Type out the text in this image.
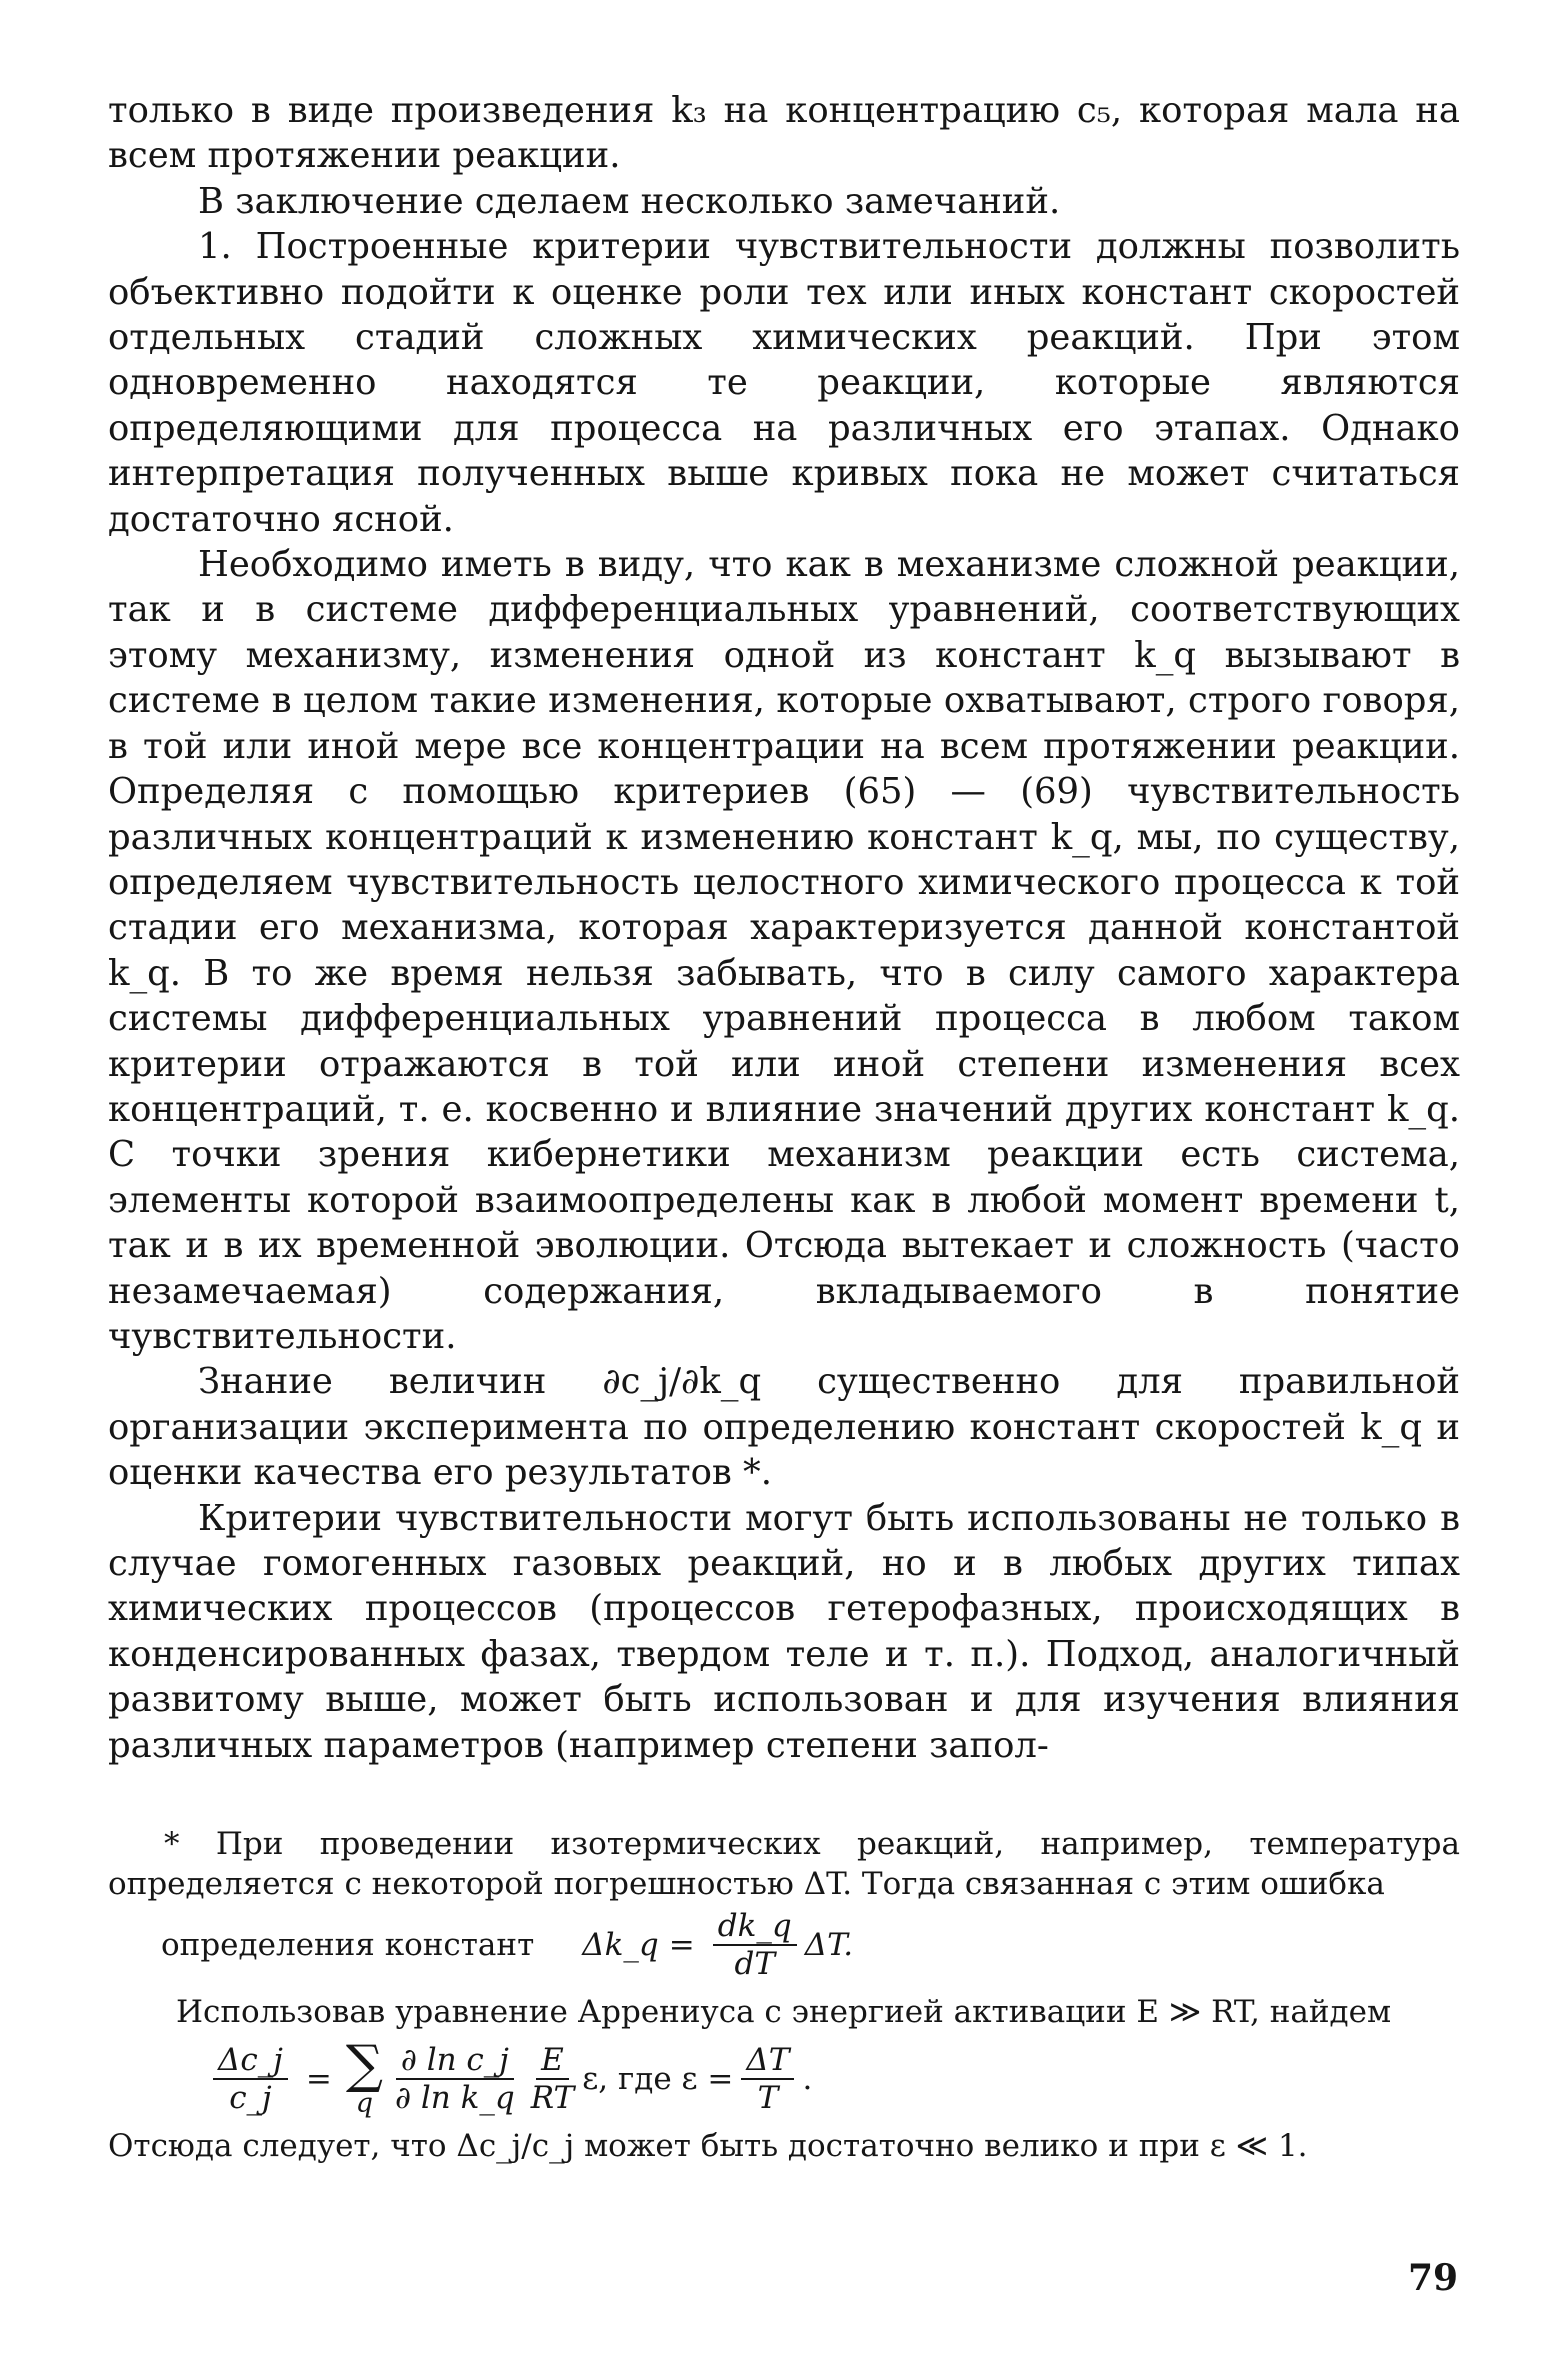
только в виде произведения k₃ на концентрацию c₅, которая мала на всем протяжении реакции.

В заключение сделаем несколько замечаний.

1. Построенные критерии чувствительности должны позволить объективно подойти к оценке роли тех или иных констант скоростей отдельных стадий сложных химических реакций. При этом одновременно находятся те реакции, которые являются определяющими для процесса на различных его этапах. Однако интерпретация полученных выше кривых пока не может считаться достаточно ясной.

Необходимо иметь в виду, что как в механизме сложной реакции, так и в системе дифференциальных уравнений, соответствующих этому механизму, изменения одной из констант k_q вызывают в системе в целом такие изменения, которые охватывают, строго говоря, в той или иной мере все концентрации на всем протяжении реакции. Определяя с помощью критериев (65) — (69) чувствительность различных концентраций к изменению констант k_q, мы, по существу, определяем чувствительность целостного химического процесса к той стадии его механизма, которая характеризуется данной константой k_q. В то же время нельзя забывать, что в силу самого характера системы дифференциальных уравнений процесса в любом таком критерии отражаются в той или иной степени изменения всех концентраций, т. е. косвенно и влияние значений других констант k_q. С точки зрения кибернетики механизм реакции есть система, элементы которой взаимоопределены как в любой момент времени t, так и в их временной эволюции. Отсюда вытекает и сложность (часто незамечаемая) содержания, вкладываемого в понятие чувствительности.

Знание величин ∂c_j/∂k_q существенно для правильной организации эксперимента по определению констант скоростей k_q и оценки качества его результатов *.

Критерии чувствительности могут быть использованы не только в случае гомогенных газовых реакций, но и в любых других типах химических процессов (процессов гетерофазных, происходящих в конденсированных фазах, твердом теле и т. п.). Подход, аналогичный развитому выше, может быть использован и для изучения влияния различных параметров (например степени запол-

* При проведении изотермических реакций, например, температура определяется с некоторой погрешностью ΔT. Тогда связанная с этим ошибка

определения констант Δk_q = $\frac{dk\_q}{dT} \Delta T$.

Использовав уравнение Аррениуса с энергией активации E ≫ RT, найдем

$\frac{\Delta c\_j}{c\_j}$ = ∑
q $\frac{\text{∂ ln c\_j}}{\text{∂ ln k\_q}} \frac{E}{RT} \varepsilon$, где $\varepsilon = \frac{\Delta T}{T}$ .

Отсюда следует, что Δc_j/c_j может быть достаточно велико и при ε ≪ 1.

79
